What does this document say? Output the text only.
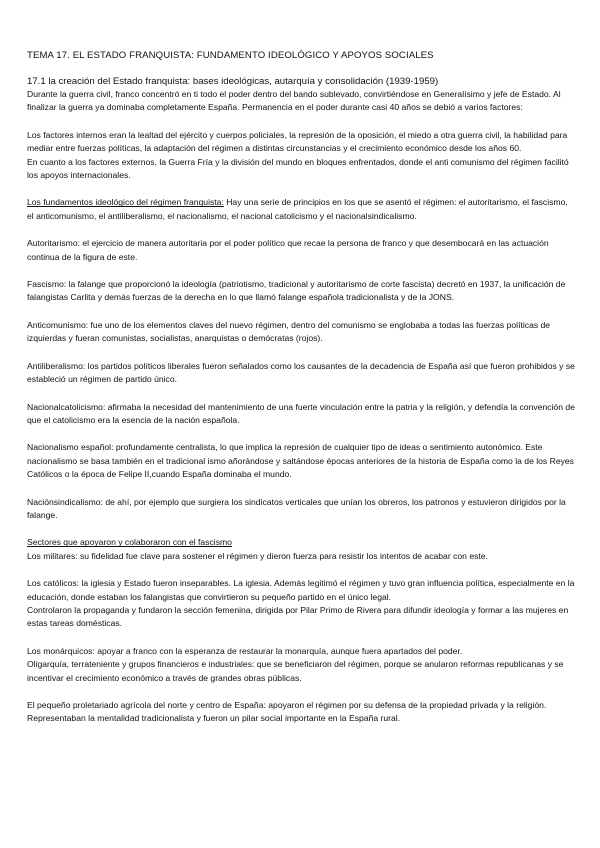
TEMA 17. EL ESTADO FRANQUISTA: FUNDAMENTO IDEOLÓGICO Y APOYOS SOCIALES
17.1 la creación del Estado franquista: bases ideológicas, autarquía y consolidación (1939-1959)

Durante la guerra civil, franco concentró en ti todo el poder dentro del bando sublevado, convirtiéndose en Generalísimo y jefe de Estado. Al finalizar la guerra ya dominaba completamente España. Permanencia en el poder durante casi 40 años se debió a varios factores:

Los factores internos eran la lealtad del ejército y cuerpos policiales, la represión de la oposición, el miedo a otra guerra civil, la habilidad para mediar entre fuerzas políticas, la adaptación del régimen a distintas circunstancias y el crecimiento económico desde los años 60.

En cuanto a los factores externos, la Guerra Fría y la división del mundo en bloques enfrentados, donde el anti comunismo del régimen facilitó los apoyos internacionales.

Los fundamentos ideológico del régimen franquista: Hay una serie de principios en los que se asentó el régimen: el autoritarismo, el fascismo, el anticomunismo, el antiliberalismo, el nacionalismo, el nacional catolicismo y el nacionalsindicalismo.

Autoritarismo: el ejercicio de manera autoritaria por el poder político que recae la persona de franco y que desembocará en las actuación continua de la figura de este.

Fascismo: la falange que proporcionó la ideología (patriotismo, tradicional y autoritarismo de corte fascista) decretó en 1937, la unificación de falangistas Carlita y demás fuerzas de la derecha en lo que llamó falange española tradicionalista y de la JONS.

Anticomunismo: fue uno de los elementos claves del nuevo régimen, dentro del comunismo se englobaba a todas las fuerzas políticas de izquierdas y fueran comunistas, socialistas, anarquistas o demócratas (rojos).

Antiliberalismo: los partidos políticos liberales fueron señalados como los causantes de la decadencia de España así que fueron prohibidos y se estableció un régimen de partido único.

Nacionalcatolicismo: afirmaba la necesidad del mantenimiento de una fuerte vinculación entre la patria y la religión, y defendía la convención de que el catolicismo era la esencia de la nación española.

Nacionalismo español: profundamente centralista, lo que implica la represión de cualquier tipo de ideas o sentimiento autonómico. Este nacionalismo se basa también en el tradicional ismo añorándose y saltándose épocas anteriores de la historia de España como la de los Reyes Católicos o la época de Felipe II,cuando España dominaba el mundo.

Naciónsindicalismo: de ahí, por ejemplo que surgiera los sindicatos verticales que unían los obreros, los patronos y estuvieron dirigidos por la falange.

Sectores que apoyaron y colaboraron con el fascismo

Los militares: su fidelidad fue clave para sostener el régimen y dieron fuerza para resistir los intentos de acabar con este.

Los católicos: la iglesia y Estado fueron inseparables. La iglesia. Además legitimó el régimen y tuvo gran influencia política, especialmente en la educación, donde estaban los falangistas que convirtieron su pequeño partido en el único legal.

Controlaron la propaganda y fundaron la sección femenina, dirigida por Pilar Primo de Rivera para difundir ideología y formar a las mujeres en estas tareas domésticas.

Los monárquicos: apoyar a franco con la esperanza de restaurar la monarquía, aunque fuera apartados del poder.

Oligarquía, terrateniente y grupos financieros e industriales: que se beneficiaron del régimen, porque se anularon reformas republicanas y se incentivar el crecimiento económico a través de grandes obras públicas.

El pequeño proletariado agrícola del norte y centro de España: apoyaron el régimen por su defensa de la propiedad privada y la religión. Representaban la mentalidad tradicionalista y fueron un pilar social importante en la España rural.
